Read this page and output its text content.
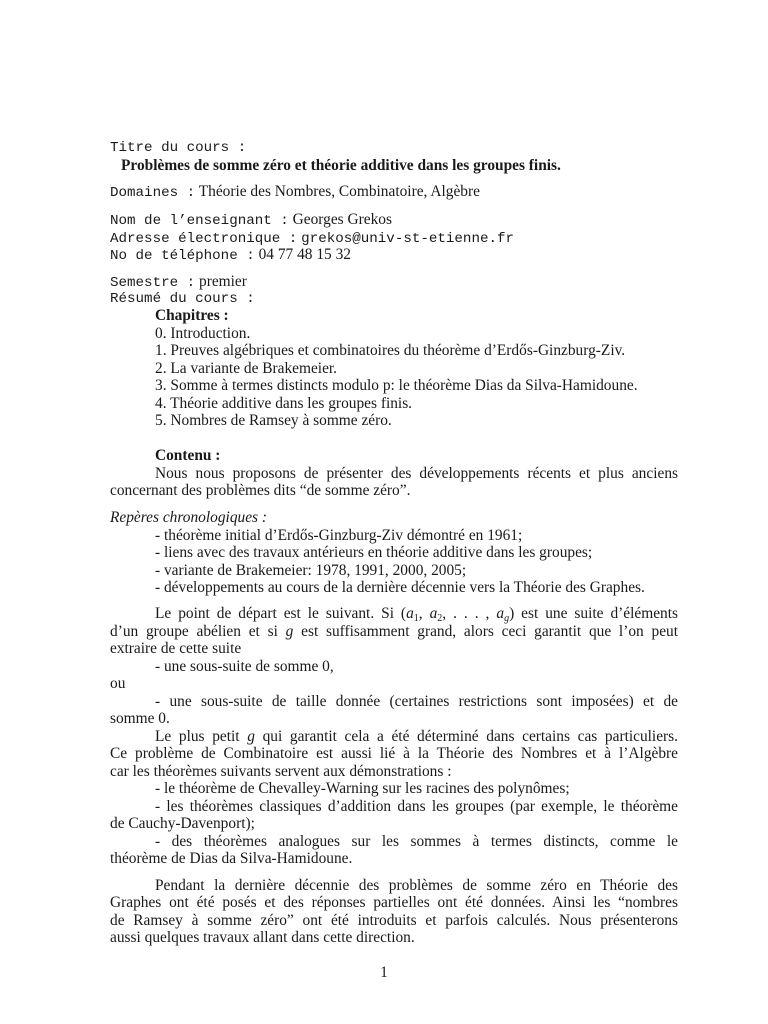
Titre du cours :
Problèmes de somme zéro et théorie additive dans les groupes finis.
Domaines : Théorie des Nombres, Combinatoire, Algèbre
Nom de l’enseignant : Georges Grekos
Adresse électronique : grekos@univ-st-etienne.fr
No de téléphone : 04 77 48 15 32
Semestre : premier
Résumé du cours :
Chapitres :
0. Introduction.
1. Preuves algébriques et combinatoires du théorème d’Erdős-Ginzburg-Ziv.
2. La variante de Brakemeier.
3. Somme à termes distincts modulo p: le théorème Dias da Silva-Hamidoune.
4. Théorie additive dans les groupes finis.
5. Nombres de Ramsey à somme zéro.
Contenu :
Nous nous proposons de présenter des développements récents et plus anciens
concernant des problèmes dits “de somme zéro”.
Repères chronologiques :
- théorème initial d’Erdős-Ginzburg-Ziv démontré en 1961;
- liens avec des travaux antérieurs en théorie additive dans les groupes;
- variante de Brakemeier: 1978, 1991, 2000, 2005;
- développements au cours de la dernière décennie vers la Théorie des Graphes.
Le point de départ est le suivant. Si ($a_1$, $a_2$, . . . , $a_g$) est une suite d’éléments
d’un groupe abélien et si g est suffisamment grand, alors ceci garantit que l’on peut
extraire de cette suite
- une sous-suite de somme 0,
ou
- une sous-suite de taille donnée (certaines restrictions sont imposées) et de
somme 0.
Le plus petit g qui garantit cela a été déterminé dans certains cas particuliers.
Ce problème de Combinatoire est aussi lié à la Théorie des Nombres et à l’Algèbre
car les théorèmes suivants servent aux démonstrations :
- le théorème de Chevalley-Warning sur les racines des polynômes;
- les théorèmes classiques d’addition dans les groupes (par exemple, le théorème
de Cauchy-Davenport);
- des théorèmes analogues sur les sommes à termes distincts, comme le
théorème de Dias da Silva-Hamidoune.
Pendant la dernière décennie des problèmes de somme zéro en Théorie des
Graphes ont été posés et des réponses partielles ont été données. Ainsi les “nombres
de Ramsey à somme zéro” ont été introduits et parfois calculés. Nous présenterons
aussi quelques travaux allant dans cette direction.
1
